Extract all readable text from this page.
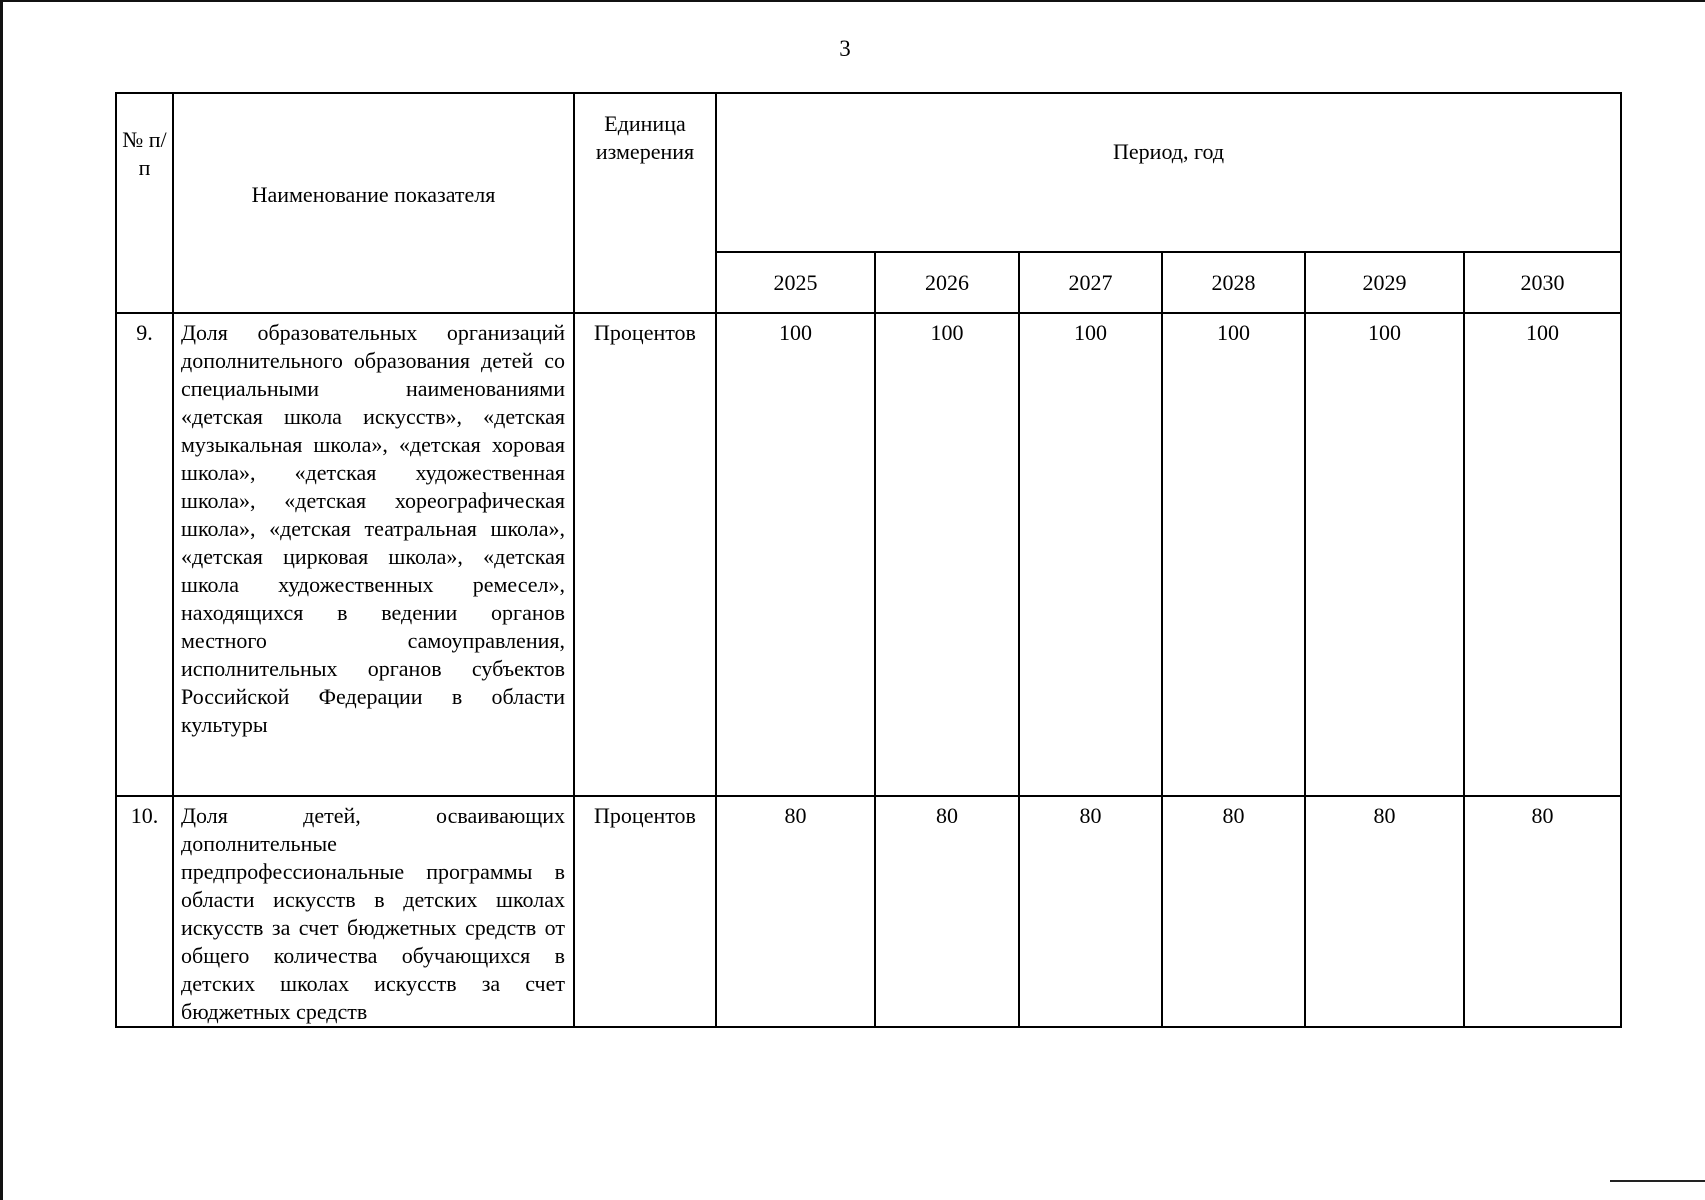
3
№ п/п	Наименование показателя	Единица измерения	Период, год					
			2025	2026	2027	2028	2029	2030
9.	Доля образовательных организаций дополнительного образования детей со специальными наименованиями «детская школа искусств», «детская музыкальная школа», «детская хоровая школа», «детская художественная школа», «детская хореографическая школа», «детская театральная школа», «детская цирковая школа», «детская школа художественных ремесел», находящихся в ведении органов местного самоуправления, исполнительных органов субъектов Российской Федерации в области культуры	Процентов	100	100	100	100	100	100
10.	Доля детей, осваивающих дополнительные предпрофессиональные программы в области искусств в детских школах искусств за счет бюджетных средств от общего количества обучающихся в детских школах искусств за счет бюджетных средств	Процентов	80	80	80	80	80	80
